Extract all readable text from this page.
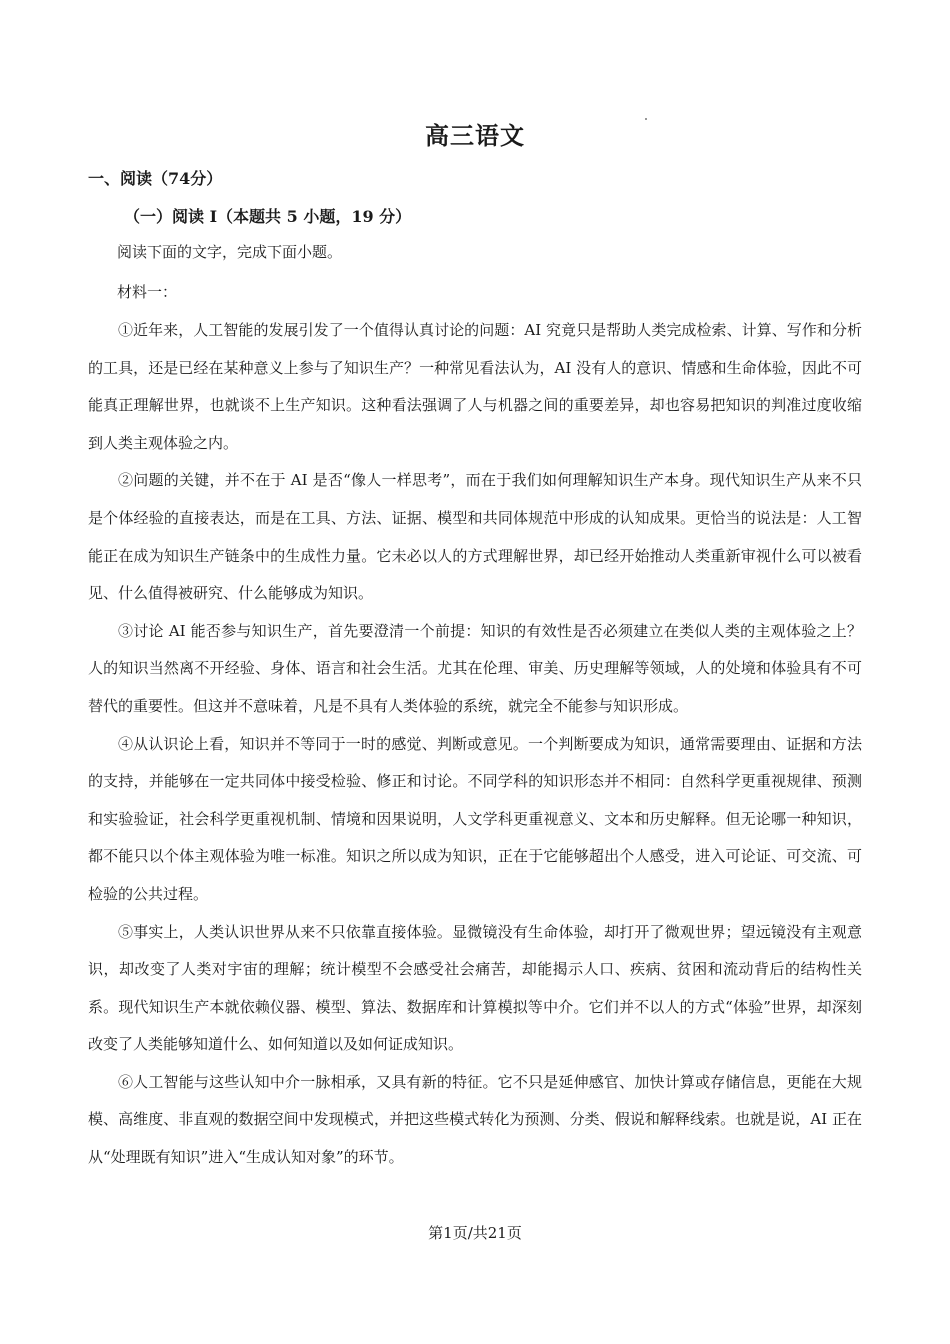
高三语文
一、阅读（74分）
（一）阅读 I（本题共 5 小题，19 分）
阅读下面的文字，完成下面小题。
材料一：

①近年来，人工智能的发展引发了一个值得认真讨论的问题：AI 究竟只是帮助人类完成检索、计算、写作和分析的工具，还是已经在某种意义上参与了知识生产？一种常见看法认为，AI 没有人的意识、情感和生命体验，因此不可能真正理解世界，也就谈不上生产知识。这种看法强调了人与机器之间的重要差异，却也容易把知识的判准过度收缩到人类主观体验之内。

②问题的关键，并不在于 AI 是否“像人一样思考”，而在于我们如何理解知识生产本身。现代知识生产从来不只是个体经验的直接表达，而是在工具、方法、证据、模型和共同体规范中形成的认知成果。更恰当的说法是：人工智能正在成为知识生产链条中的生成性力量。它未必以人的方式理解世界，却已经开始推动人类重新审视什么可以被看见、什么值得被研究、什么能够成为知识。

③讨论 AI 能否参与知识生产，首先要澄清一个前提：知识的有效性是否必须建立在类似人类的主观体验之上？人的知识当然离不开经验、身体、语言和社会生活。尤其在伦理、审美、历史理解等领域，人的处境和体验具有不可替代的重要性。但这并不意味着，凡是不具有人类体验的系统，就完全不能参与知识形成。

④从认识论上看，知识并不等同于一时的感觉、判断或意见。一个判断要成为知识，通常需要理由、证据和方法的支持，并能够在一定共同体中接受检验、修正和讨论。不同学科的知识形态并不相同：自然科学更重视规律、预测和实验验证，社会科学更重视机制、情境和因果说明，人文学科更重视意义、文本和历史解释。但无论哪一种知识，都不能只以个体主观体验为唯一标准。知识之所以成为知识，正在于它能够超出个人感受，进入可论证、可交流、可检验的公共过程。

⑤事实上，人类认识世界从来不只依靠直接体验。显微镜没有生命体验，却打开了微观世界；望远镜没有主观意识，却改变了人类对宇宙的理解；统计模型不会感受社会痛苦，却能揭示人口、疾病、贫困和流动背后的结构性关系。现代知识生产本就依赖仪器、模型、算法、数据库和计算模拟等中介。它们并不以人的方式“体验”世界，却深刻改变了人类能够知道什么、如何知道以及如何证成知识。

⑥人工智能与这些认知中介一脉相承，又具有新的特征。它不只是延伸感官、加快计算或存储信息，更能在大规模、高维度、非直观的数据空间中发现模式，并把这些模式转化为预测、分类、假说和解释线索。也就是说，AI 正在从“处理既有知识”进入“生成认知对象”的环节。

第1页/共21页
